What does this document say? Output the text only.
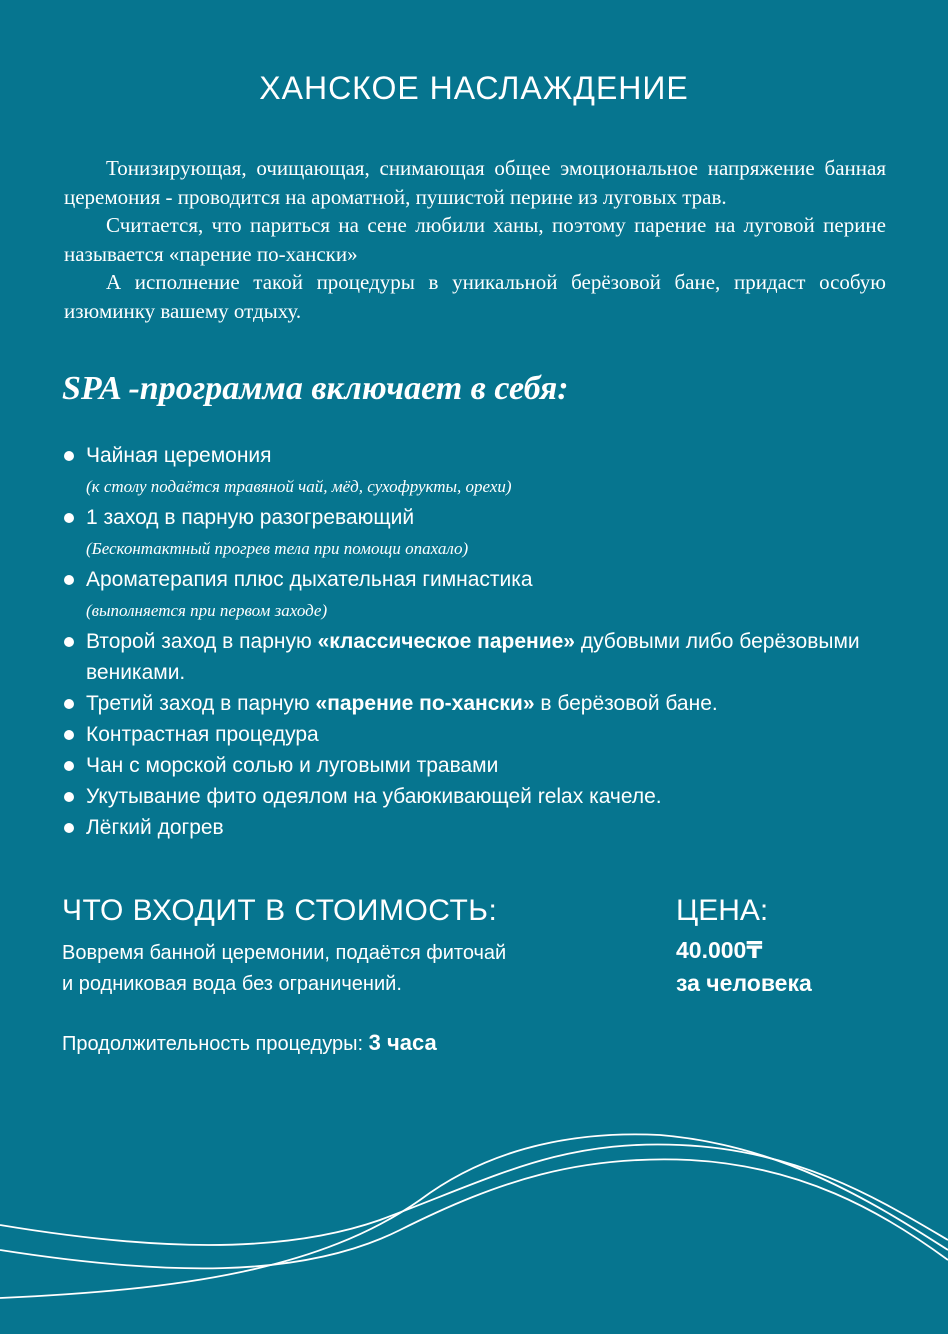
ХАНСКОЕ НАСЛАЖДЕНИЕ

Тонизирующая, очищающая, снимающая общее эмоциональное напряжение банная церемония - проводится на ароматной, пушистой перине из луговых трав.

Считается, что париться на сене любили ханы, поэтому парение на луговой перине называется «парение по-хански»

А исполнение такой процедуры в уникальной берёзовой бане, придаст особую изюминку вашему отдыху.

SPA -программа включает в себя:
Чайная церемония
(к столу подаётся травяной чай, мёд, сухофрукты, орехи)
1 заход в парную разогревающий
(Бесконтактный прогрев тела при помощи опахало)
Ароматерапия плюс дыхательная гимнастика
(выполняется при первом заходе)
Второй заход в парную «классическое парение» дубовыми либо берёзовыми вениками.
Третий заход в парную «парение по-хански» в берёзовой бане.
Контрастная процедура
Чан с морской солью и луговыми травами
Укутывание фито одеялом на убаюкивающей relax качеле.
Лёгкий догрев
ЧТО ВХОДИТ В СТОИМОСТЬ:
Вовремя банной церемонии, подаётся фиточай
и родниковая вода без ограничений.
ЦЕНА:
40.000₸
за человека
Продолжительность процедуры: 3 часа
